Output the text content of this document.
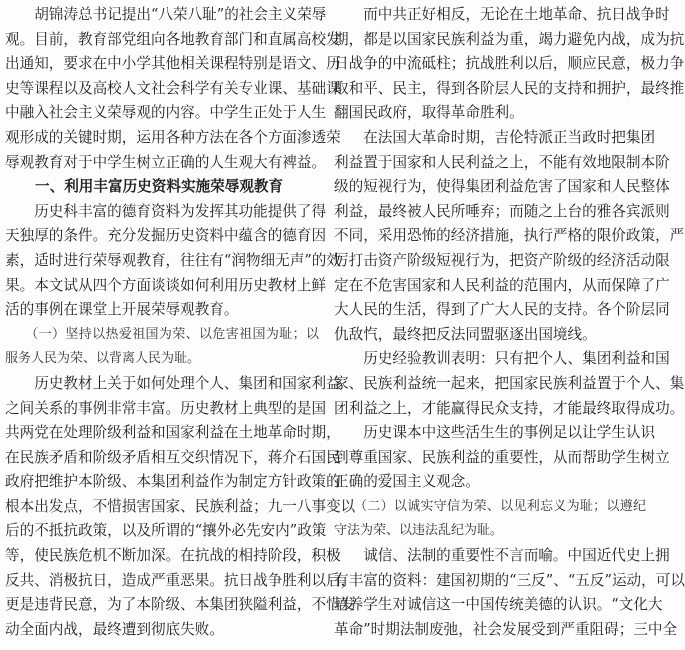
　　胡锦涛总书记提出“八荣八耻”的社会主义荣辱
观。目前，教育部党组向各地教育部门和直属高校发
出通知，要求在中小学其他相关课程特别是语文、历
史等课程以及高校人文社会科学有关专业课、基础课
中融入社会主义荣辱观的内容。中学生正处于人生
观形成的关键时期，运用各种方法在各个方面渗透荣
辱观教育对于中学生树立正确的人生观大有裨益。
一、利用丰富历史资料实施荣辱观教育
　　历史科丰富的德育资料为发挥其功能提供了得
天独厚的条件。充分发掘历史资料中蕴含的德育因
素，适时进行荣辱观教育，往往有“润物细无声”的效
果。本文试从四个方面谈谈如何利用历史教材上鲜
活的事例在课堂上开展荣辱观教育。
　　（一）坚持以热爱祖国为荣、以危害祖国为耻；以
服务人民为荣、以背离人民为耻。
　　历史教材上关于如何处理个人、集团和国家利益
之间关系的事例非常丰富。历史教材上典型的是国
共两党在处理阶级利益和国家利益在土地革命时期，
在民族矛盾和阶级矛盾相互交织情况下，蒋介石国民
政府把维护本阶级、本集团利益作为制定方针政策的
根本出发点，不惜损害国家、民族利益；九一八事变以
后的不抵抗政策，以及所谓的“攘外必先安内”政策
等，使民族危机不断加深。在抗战的相持阶段，积极
反共、消极抗日，造成严重恶果。抗日战争胜利以后，
更是违背民意，为了本阶级、本集团狭隘利益，不惜发
动全面内战，最终遭到彻底失败。
　　而中共正好相反，无论在土地革命、抗日战争时
期，都是以国家民族利益为重，竭力避免内战，成为抗
日战争的中流砥柱；抗战胜利以后，顺应民意，极力争
取和平、民主，得到各阶层人民的支持和拥护，最终推
翻国民政府，取得革命胜利。
　　在法国大革命时期，吉伦特派正当政时把集团
利益置于国家和人民利益之上，不能有效地限制本阶
级的短视行为，使得集团利益危害了国家和人民整体
利益，最终被人民所唾弃；而随之上台的雅各宾派则
不同，采用恐怖的经济措施，执行严格的限价政策，严
厉打击资产阶级短视行为，把资产阶级的经济活动限
定在不危害国家和人民利益的范围内，从而保障了广
大人民的生活，得到了广大人民的支持。各个阶层同
仇敌忾，最终把反法同盟驱逐出国境线。
　　历史经验教训表明：只有把个人、集团利益和国
家、民族利益统一起来，把国家民族利益置于个人、集
团利益之上，才能赢得民众支持，才能最终取得成功。
　　历史课本中这些活生生的事例足以让学生认识
到尊重国家、民族利益的重要性，从而帮助学生树立
正确的爱国主义观念。
　　（二）以诚实守信为荣、以见利忘义为耻；以遵纪
守法为荣、以违法乱纪为耻。
　　诚信、法制的重要性不言而喻。中国近代史上拥
有丰富的资料：建国初期的“三反”、“五反”运动，可以
培养学生对诚信这一中国传统美德的认识。“文化大
革命”时期法制废弛，社会发展受到严重阻碍；三中全
